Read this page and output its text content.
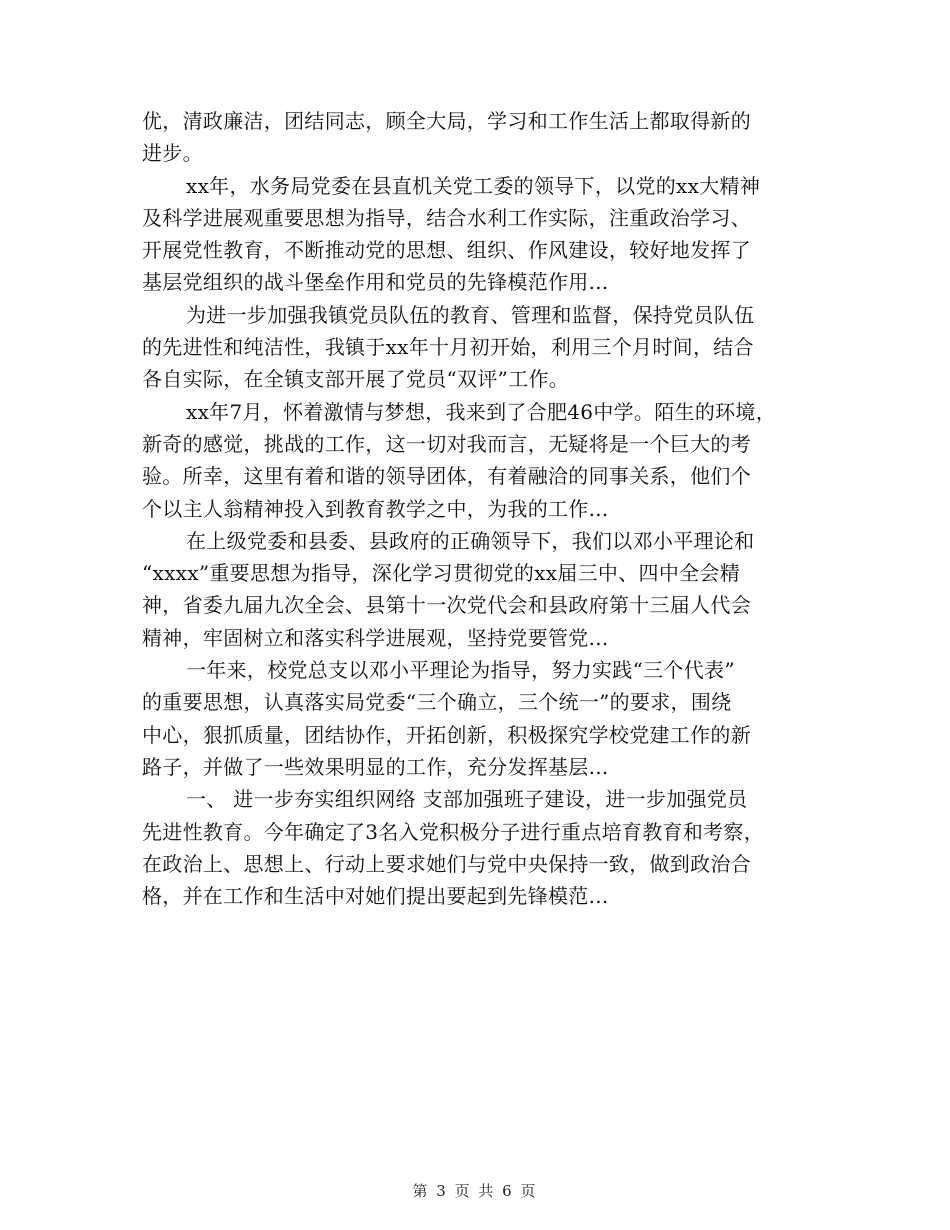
优，清政廉洁，团结同志，顾全大局，学习和工作生活上都取得新的
进步。
xx年，水务局党委在县直机关党工委的领导下，以党的xx大精神
及科学进展观重要思想为指导，结合水利工作实际，注重政治学习、
开展党性教育，不断推动党的思想、组织、作风建设，较好地发挥了
基层党组织的战斗堡垒作用和党员的先锋模范作用...
为进一步加强我镇党员队伍的教育、管理和监督，保持党员队伍
的先进性和纯洁性，我镇于xx年十月初开始，利用三个月时间，结合
各自实际，在全镇支部开展了党员“双评”工作。
xx年7月，怀着激情与梦想，我来到了合肥46中学。陌生的环境，
新奇的感觉，挑战的工作，这一切对我而言，无疑将是一个巨大的考
验。所幸，这里有着和谐的领导团体，有着融洽的同事关系，他们个
个以主人翁精神投入到教育教学之中，为我的工作...
在上级党委和县委、县政府的正确领导下，我们以邓小平理论和
“xxxx”重要思想为指导，深化学习贯彻党的xx届三中、四中全会精
神，省委九届九次全会、县第十一次党代会和县政府第十三届人代会
精神，牢固树立和落实科学进展观，坚持党要管党...
一年来，校党总支以邓小平理论为指导，努力实践“三个代表”
的重要思想，认真落实局党委“三个确立，三个统一”的要求，围绕
中心，狠抓质量，团结协作，开拓创新，积极探究学校党建工作的新
路子，并做了一些效果明显的工作，充分发挥基层...
一、 进一步夯实组织网络 支部加强班子建设，进一步加强党员
先进性教育。今年确定了3名入党积极分子进行重点培育教育和考察，
在政治上、思想上、行动上要求她们与党中央保持一致，做到政治合
格，并在工作和生活中对她们提出要起到先锋模范...
第 3 页 共 6 页
